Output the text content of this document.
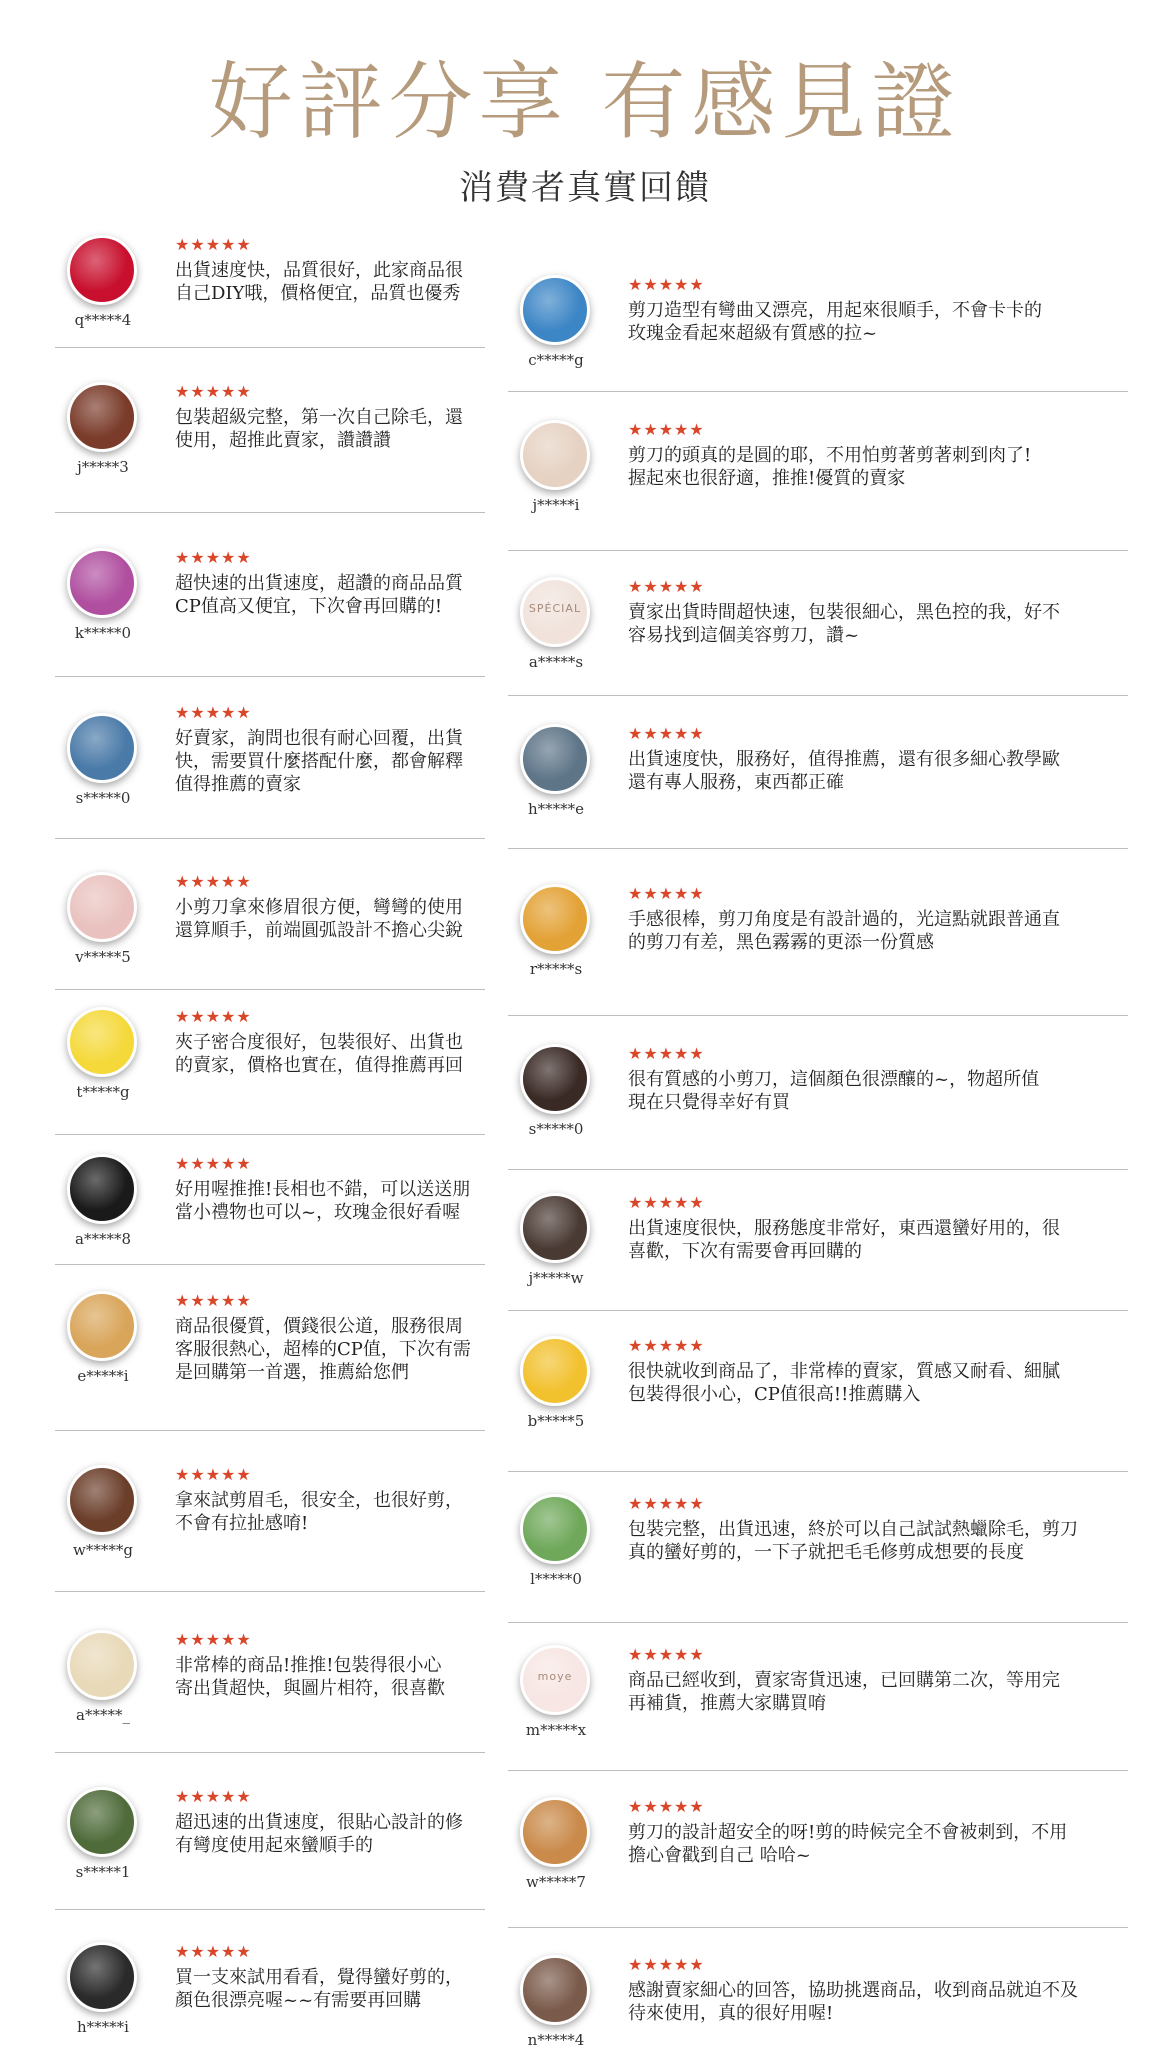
好評分享 有感見證
消費者真實回饋
q*****4
★★★★★
出貨速度快，品質很好，此家商品很
自己DIY哦，價格便宜，品質也優秀
j*****3
★★★★★
包裝超級完整，第一次自己除毛，還
使用，超推此賣家，讚讚讚
k*****0
★★★★★
超快速的出貨速度，超讚的商品品質
CP值高又便宜，下次會再回購的!
s*****0
★★★★★
好賣家，詢問也很有耐心回覆，出貨
快，需要買什麼搭配什麼，都會解釋
值得推薦的賣家
v*****5
★★★★★
小剪刀拿來修眉很方便，彎彎的使用
還算順手，前端圓弧設計不擔心尖銳
t*****g
★★★★★
夾子密合度很好，包裝很好、出貨也
的賣家，價格也實在，值得推薦再回
a*****8
★★★★★
好用喔推推!長相也不錯，可以送送朋
當小禮物也可以~，玫瑰金很好看喔
e*****i
★★★★★
商品很優質，價錢很公道，服務很周
客服很熱心，超棒的CP值，下次有需
是回購第一首選，推薦給您們
w*****g
★★★★★
拿來試剪眉毛，很安全，也很好剪，
不會有拉扯感唷!
a*****_
★★★★★
非常棒的商品!推推!包裝得很小心
寄出貨超快，與圖片相符，很喜歡
s*****1
★★★★★
超迅速的出貨速度，很貼心設計的修
有彎度使用起來蠻順手的
h*****i
★★★★★
買一支來試用看看，覺得蠻好剪的，
顏色很漂亮喔~~有需要再回購
c*****g
★★★★★
剪刀造型有彎曲又漂亮，用起來很順手，不會卡卡的
玫瑰金看起來超級有質感的拉~
j*****i
★★★★★
剪刀的頭真的是圓的耶，不用怕剪著剪著刺到肉了!
握起來也很舒適，推推!優質的賣家
SPÉCIAL
a*****s
★★★★★
賣家出貨時間超快速，包裝很細心，黑色控的我，好不
容易找到這個美容剪刀，讚~
h*****e
★★★★★
出貨速度快，服務好，值得推薦，還有很多細心教學歐
還有專人服務，東西都正確
r*****s
★★★★★
手感很棒，剪刀角度是有設計過的，光這點就跟普通直
的剪刀有差，黑色霧霧的更添一份質感
s*****0
★★★★★
很有質感的小剪刀，這個顏色很漂釀的~，物超所值
現在只覺得幸好有買
j*****w
★★★★★
出貨速度很快，服務態度非常好，東西還蠻好用的，很
喜歡，下次有需要會再回購的
b*****5
★★★★★
很快就收到商品了，非常棒的賣家，質感又耐看、細膩
包裝得很小心，CP值很高!!推薦購入
l*****0
★★★★★
包裝完整，出貨迅速，終於可以自己試試熱蠟除毛，剪刀
真的蠻好剪的，一下子就把毛毛修剪成想要的長度
moye
m*****x
★★★★★
商品已經收到，賣家寄貨迅速，已回購第二次，等用完
再補貨，推薦大家購買唷
w*****7
★★★★★
剪刀的設計超安全的呀!剪的時候完全不會被刺到，不用
擔心會戳到自己 哈哈~
n*****4
★★★★★
感謝賣家細心的回答，協助挑選商品，收到商品就迫不及
待來使用，真的很好用喔!
